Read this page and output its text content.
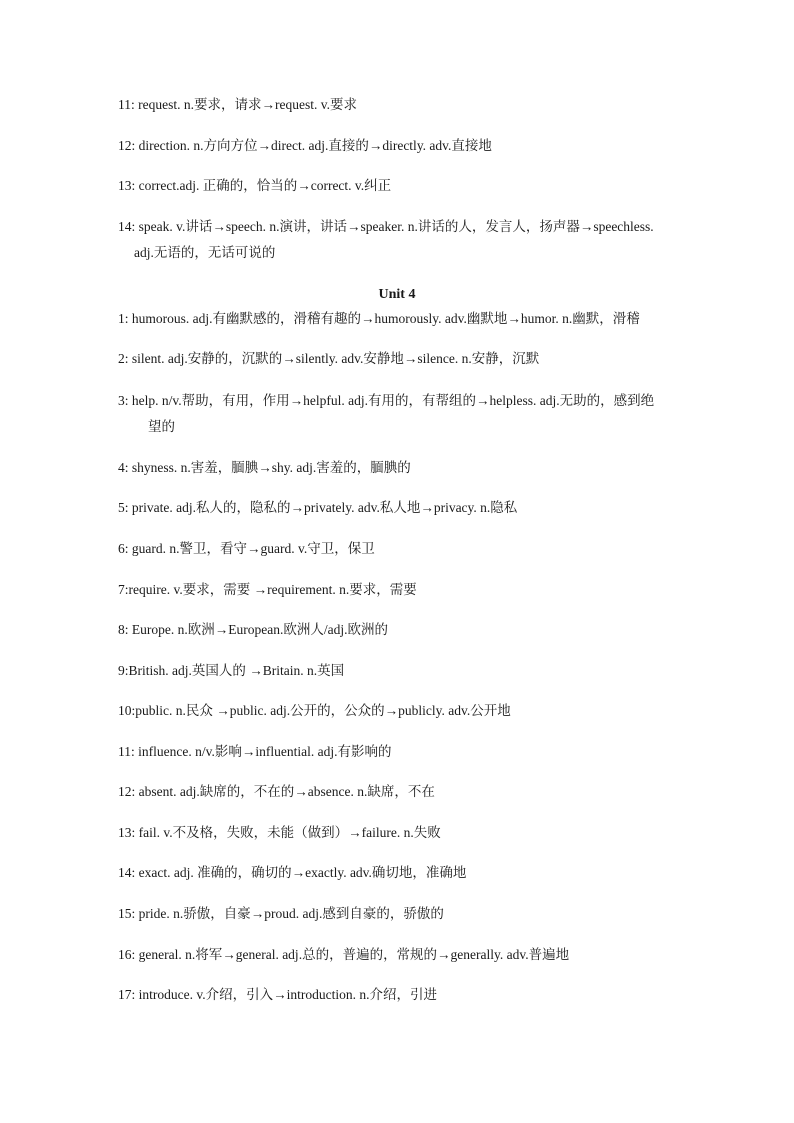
11: request. n.要求，请求→request. v.要求
12: direction. n.方向方位→direct. adj.直接的→directly. adv.直接地
13: correct.adj. 正确的，恰当的→correct. v.纠正
14: speak. v.讲话→speech. n.演讲，讲话→speaker. n.讲话的人，发言人，扬声器→speechless.
adj.无语的，无话可说的
Unit 4
1: humorous. adj.有幽默感的，滑稽有趣的→humorously. adv.幽默地→humor. n.幽默，滑稽
2: silent. adj.安静的，沉默的→silently. adv.安静地→silence. n.安静，沉默
3: help. n/v.帮助，有用，作用→helpful. adj.有用的，有帮组的→helpless. adj.无助的，感到绝
望的
4: shyness. n.害羞，腼腆→shy. adj.害羞的，腼腆的
5: private. adj.私人的，隐私的→privately. adv.私人地→privacy. n.隐私
6: guard. n.警卫，看守→guard. v.守卫，保卫
7:require. v.要求，需要 →requirement. n.要求，需要
8: Europe. n.欧洲→European.欧洲人/adj.欧洲的
9:British. adj.英国人的 →Britain. n.英国
10:public. n.民众 →public. adj.公开的，公众的→publicly. adv.公开地
11: influence. n/v.影响→influential. adj.有影响的
12: absent. adj.缺席的，不在的→absence. n.缺席，不在
13: fail. v.不及格，失败，未能（做到）→failure. n.失败
14: exact. adj. 准确的，确切的→exactly. adv.确切地，准确地
15: pride. n.骄傲，自豪→proud. adj.感到自豪的，骄傲的
16: general. n.将军→general. adj.总的，普遍的，常规的→generally. adv.普遍地
17: introduce. v.介绍，引入→introduction. n.介绍，引进
